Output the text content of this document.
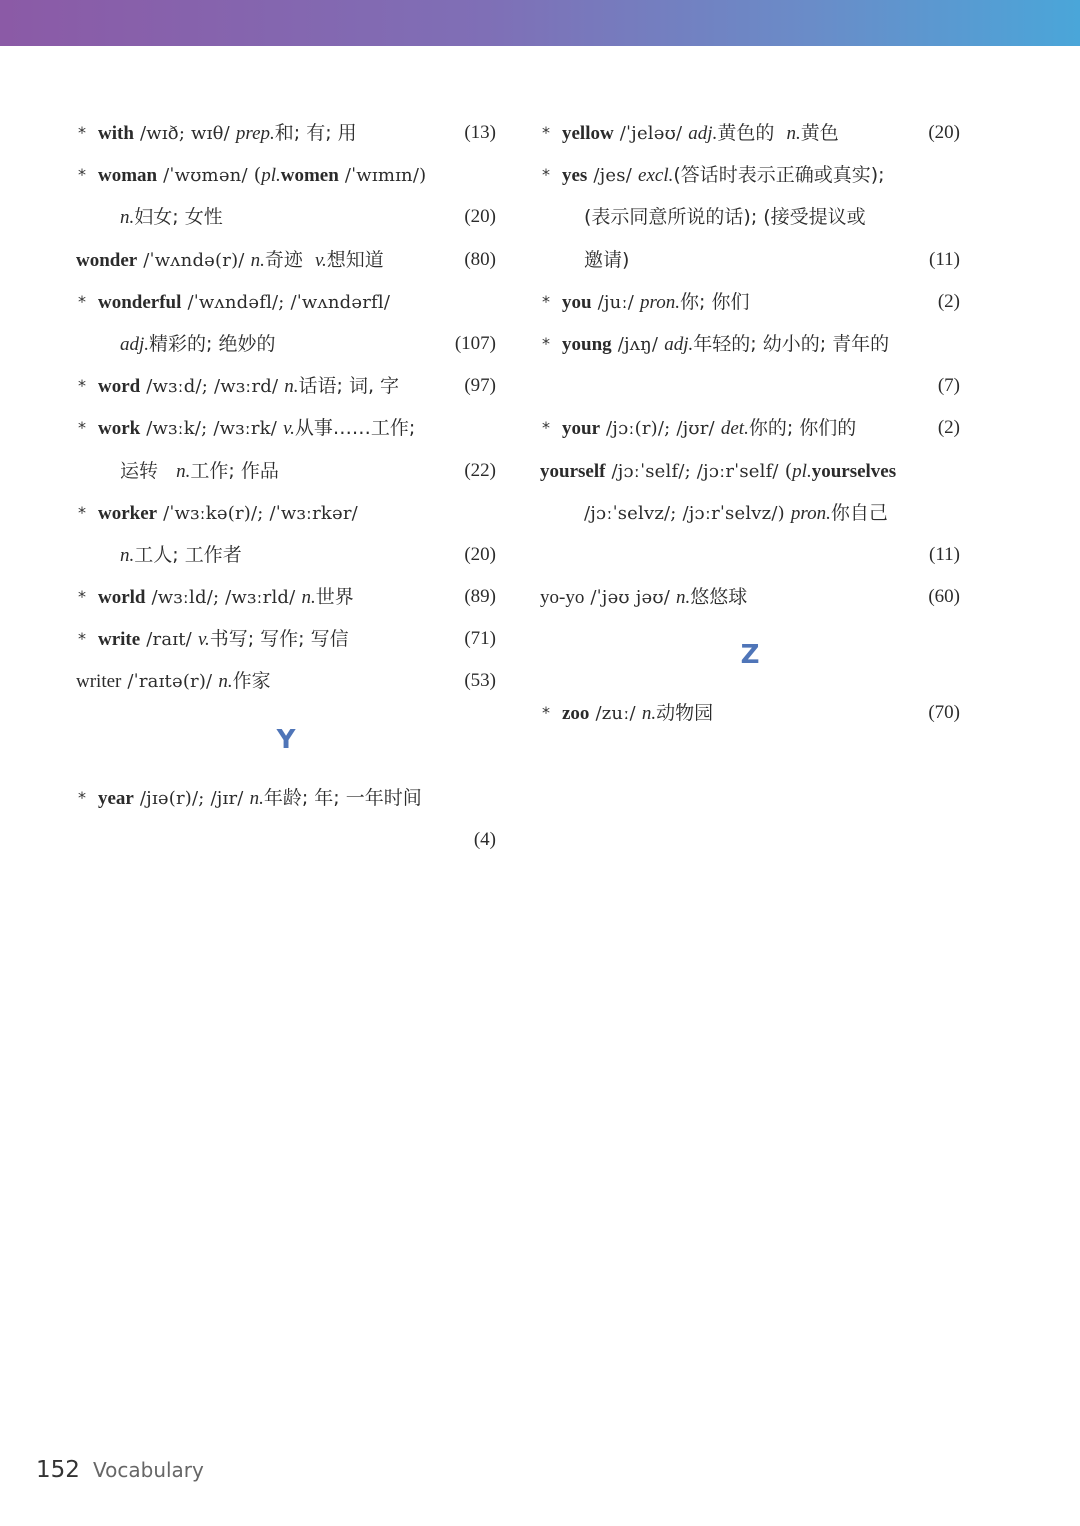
* with /wɪð; wɪθ/ prep.和; 有; 用	(13)
* woman /ˈwʊmən/ (pl.women /ˈwɪmɪn/)
n.妇女; 女性	(20)
wonder /ˈwʌndə(r)/ n.奇迹 v.想知道	(80)
* wonderful /ˈwʌndəfl/; /ˈwʌndərfl/
adj.精彩的; 绝妙的	(107)
* word /wɜːd/; /wɜːrd/ n.话语; 词, 字	(97)
* work /wɜːk/; /wɜːrk/ v.从事……工作;
运转 n.工作; 作品	(22)
* worker /ˈwɜːkə(r)/; /ˈwɜːrkər/
n.工人; 工作者	(20)
* world /wɜːld/; /wɜːrld/ n.世界	(89)
* write /raɪt/ v.书写; 写作; 写信	(71)
writer /ˈraɪtə(r)/ n.作家	(53)
Y
* year /jɪə(r)/; /jɪr/ n.年龄; 年; 一年时间
(4)
* yellow /ˈjeləʊ/ adj.黄色的 n.黄色	(20)
* yes /jes/ excl.(答话时表示正确或真实);
(表示同意所说的话); (接受提议或
邀请)	(11)
* you /juː/ pron.你; 你们	(2)
* young /jʌŋ/ adj.年轻的; 幼小的; 青年的
(7)
* your /jɔː(r)/; /jʊr/ det.你的; 你们的	(2)
yourself /jɔːˈself/; /jɔːrˈself/ (pl.yourselves
/jɔːˈselvz/; /jɔːrˈselvz/) pron.你自己
(11)
yo-yo /ˈjəʊ jəʊ/ n.悠悠球	(60)
Z
* zoo /zuː/ n.动物园	(70)
152 Vocabulary
